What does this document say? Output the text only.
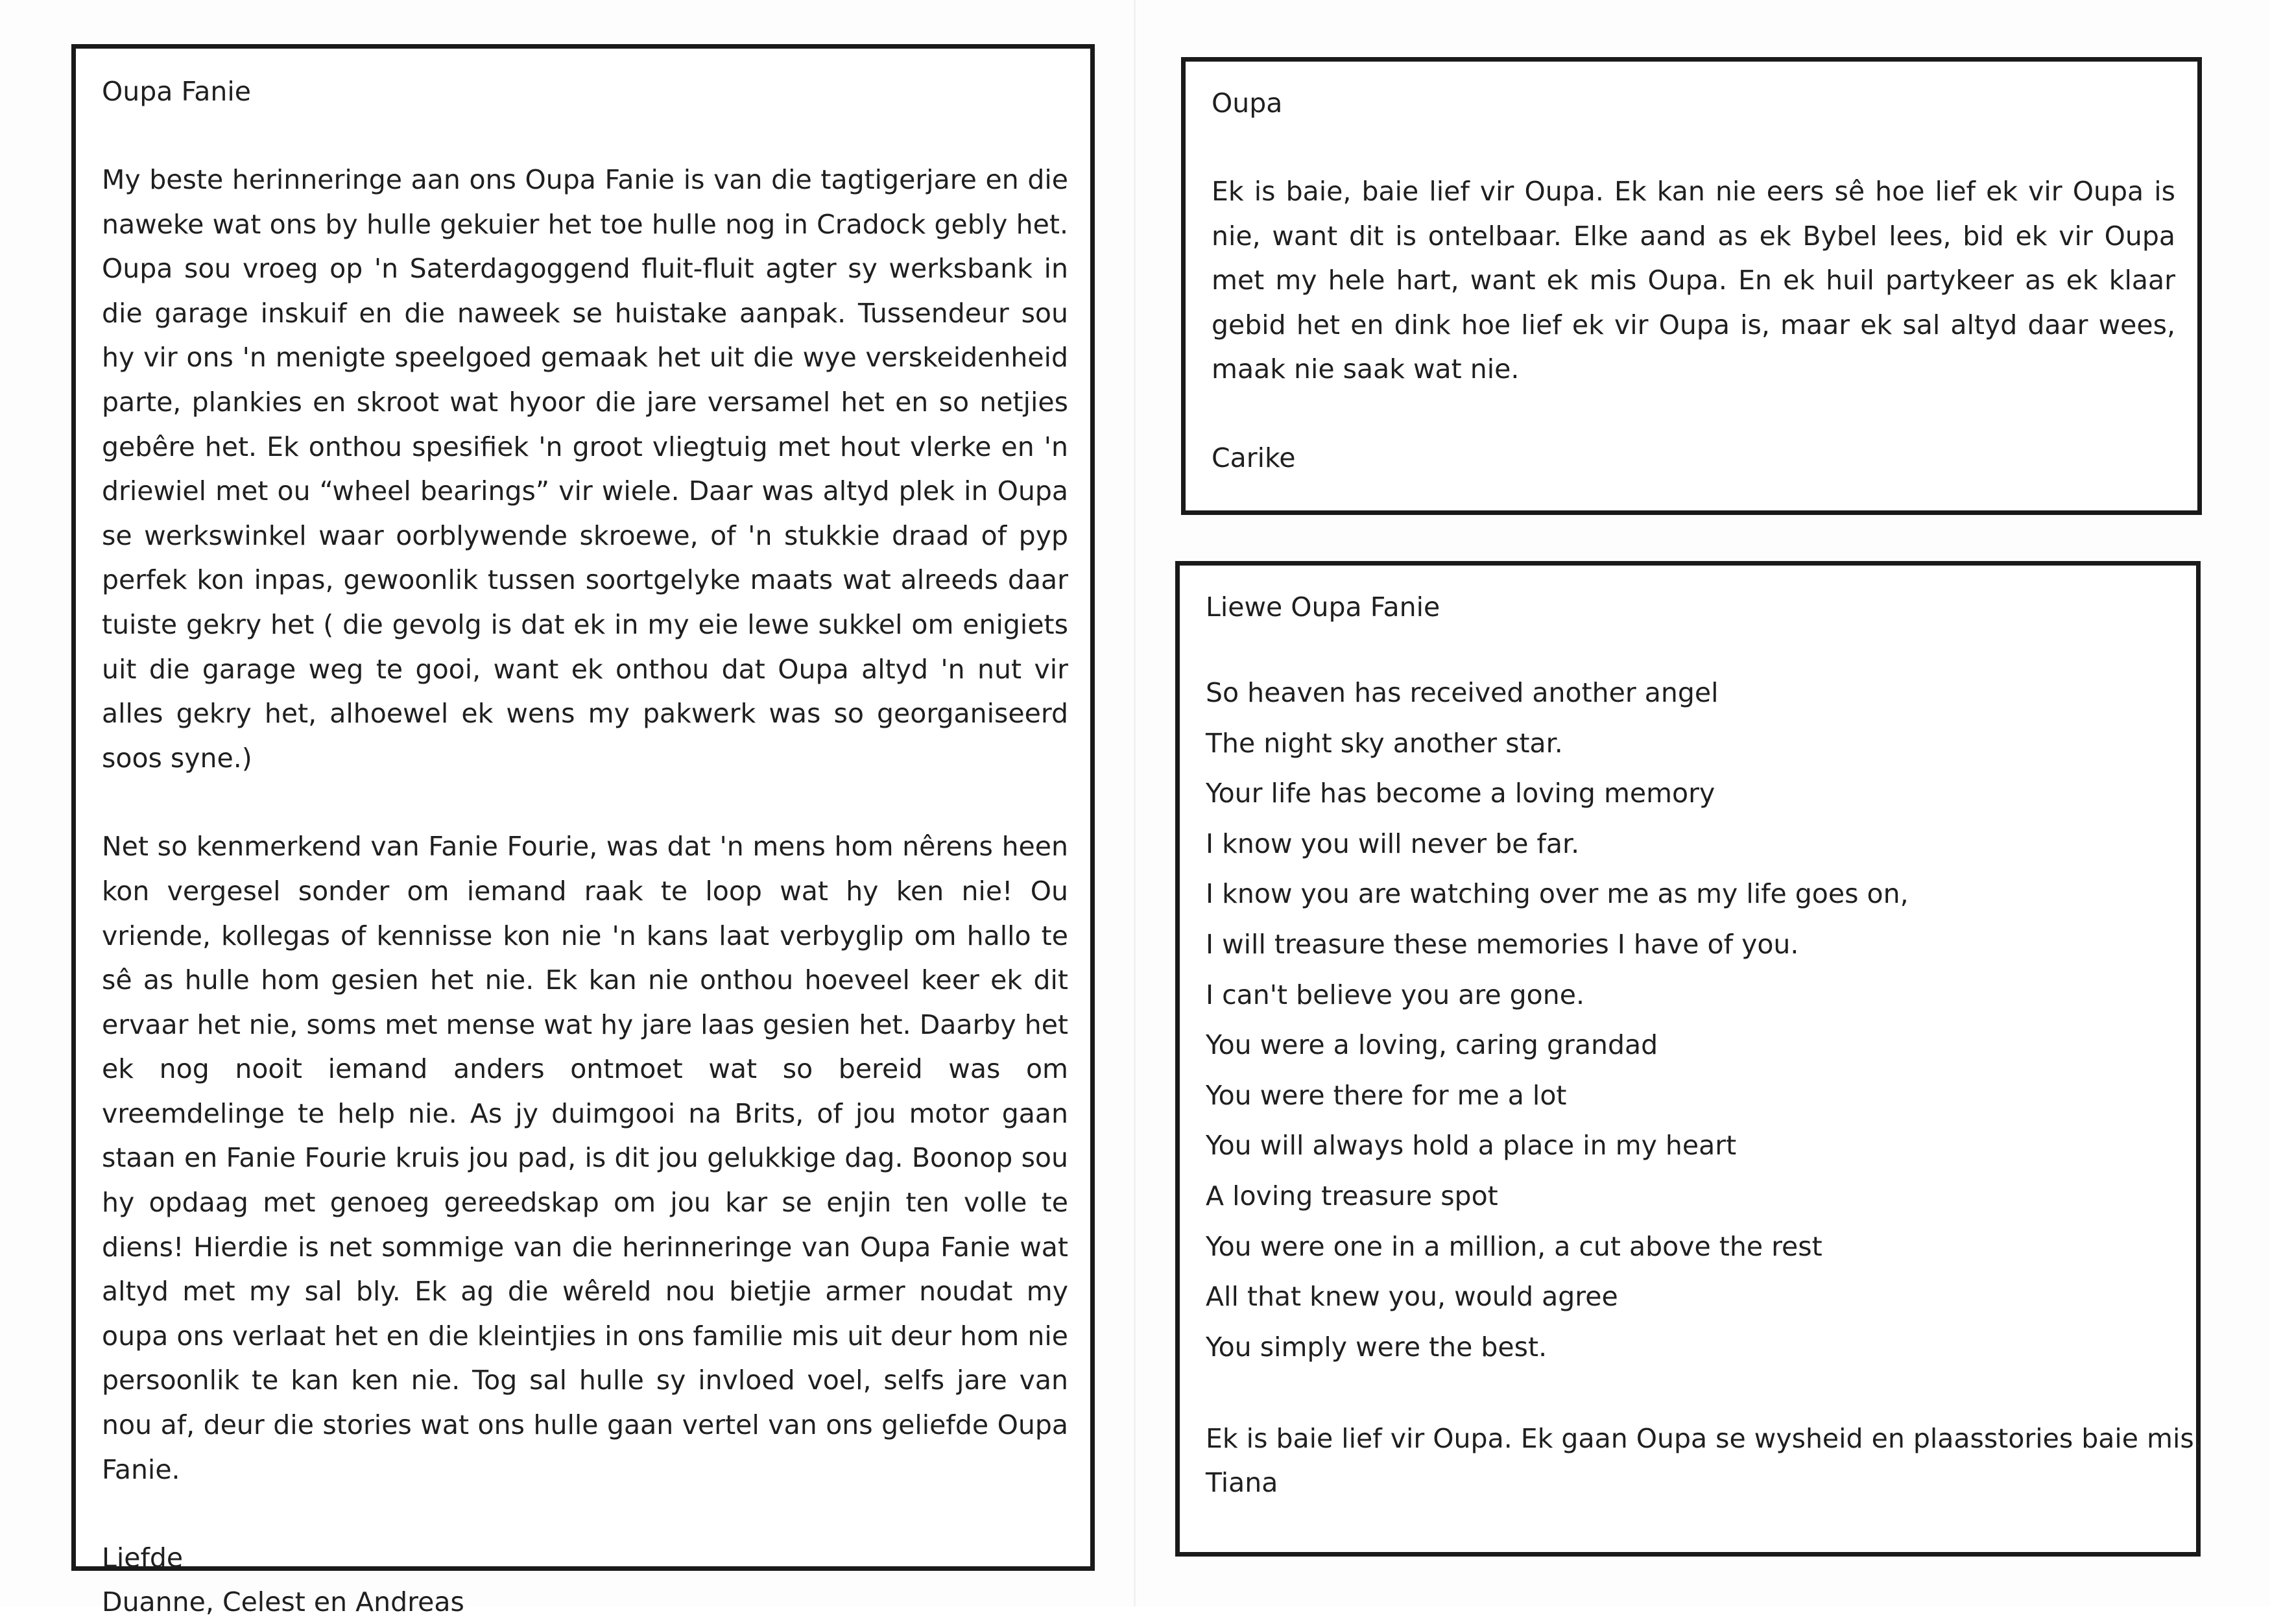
Oupa Fanie

My beste herinneringe aan ons Oupa Fanie is van die tagtigerjare en die naweke wat ons by hulle gekuier het toe hulle nog in Cradock gebly het. Oupa sou vroeg op 'n Saterdagoggend fluit-fluit agter sy werksbank in die garage inskuif en die naweek se huistake aanpak. Tussendeur sou hy vir ons 'n menigte speelgoed gemaak het uit die wye verskeidenheid parte, plankies en skroot wat hyoor die jare versamel het en so netjies gebêre het. Ek onthou spesifiek 'n groot vliegtuig met hout vlerke en 'n driewiel met ou “wheel bearings” vir wiele. Daar was altyd plek in Oupa se werkswinkel waar oorblywende skroewe, of 'n stukkie draad of pyp perfek kon inpas, gewoonlik tussen soortgelyke maats wat alreeds daar tuiste gekry het ( die gevolg is dat ek in my eie lewe sukkel om enigiets uit die garage weg te gooi, want ek onthou dat Oupa altyd 'n nut vir alles gekry het, alhoewel ek wens my pakwerk was so georganiseerd soos syne.)

Net so kenmerkend van Fanie Fourie, was dat 'n mens hom nêrens heen kon vergesel sonder om iemand raak te loop wat hy ken nie! Ou vriende, kollegas of kennisse kon nie 'n kans laat verbyglip om hallo te sê as hulle hom gesien het nie. Ek kan nie onthou hoeveel keer ek dit ervaar het nie, soms met mense wat hy jare laas gesien het. Daarby het ek nog nooit iemand anders ontmoet wat so bereid was om vreemdelinge te help nie. As jy duimgooi na Brits, of jou motor gaan staan en Fanie Fourie kruis jou pad, is dit jou gelukkige dag. Boonop sou hy opdaag met genoeg gereedskap om jou kar se enjin ten volle te diens! Hierdie is net sommige van die herinneringe van Oupa Fanie wat altyd met my sal bly. Ek ag die wêreld nou bietjie armer noudat my oupa ons verlaat het en die kleintjies in ons familie mis uit deur hom nie persoonlik te kan ken nie. Tog sal hulle sy invloed voel, selfs jare van nou af, deur die stories wat ons hulle gaan vertel van ons geliefde Oupa Fanie.

Liefde

Duanne, Celest en Andreas

Oupa

Ek is baie, baie lief vir Oupa. Ek kan nie eers sê hoe lief ek vir Oupa is nie, want dit is ontelbaar. Elke aand as ek Bybel lees, bid ek vir Oupa met my hele hart, want ek mis Oupa. En ek huil partykeer as ek klaar gebid het en dink hoe lief ek vir Oupa is, maar ek sal altyd daar wees, maak nie saak wat nie.

Carike

Liewe Oupa Fanie

So heaven has received another angel

The night sky another star.

Your life has become a loving memory

I know you will never be far.

I know you are watching over me as my life goes on,

I will treasure these memories I have of you.

I can't believe you are gone.

You were a loving, caring grandad

You were there for me a lot

You will always hold a place in my heart

A loving treasure spot

You were one in a million, a cut above the rest

All that knew you, would agree

You simply were the best.

Ek is baie lief vir Oupa. Ek gaan Oupa se wysheid en plaasstories baie mis.

Tiana
